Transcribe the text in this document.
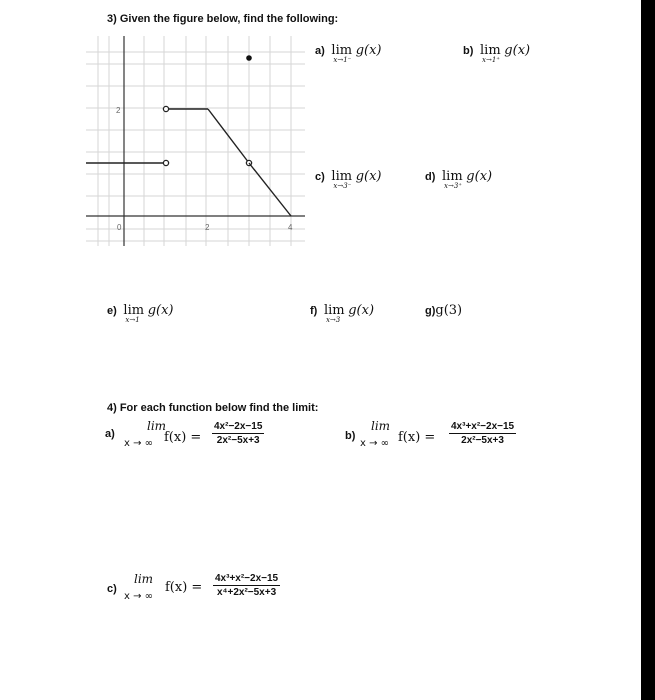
3) Given the figure below, find the following:
2
0	2	4
a) lim
x→1⁻
g(x)	b) lim
x→1⁺
g(x)
c) lim
x→3⁻
g(x)	d) lim
x→3⁺
g(x)
e) lim
x→1
g(x)	f) lim
x→3
g(x)	g)g(3)
4) For each function below find the limit:
a)
lim
x → ∞ $f(x) = \frac{\text{4x²−2x−15}}{\text{2x²−5x+3}}$	b)
lim
x → ∞ $f(x) = \frac{\text{4x³+x²−2x−15}}{\text{2x²−5x+3}}$
c)
lim
x → ∞
$f(x) = \frac{\text{4x³+x²−2x−15}}{\text{x⁴+2x²−5x+3}}$
